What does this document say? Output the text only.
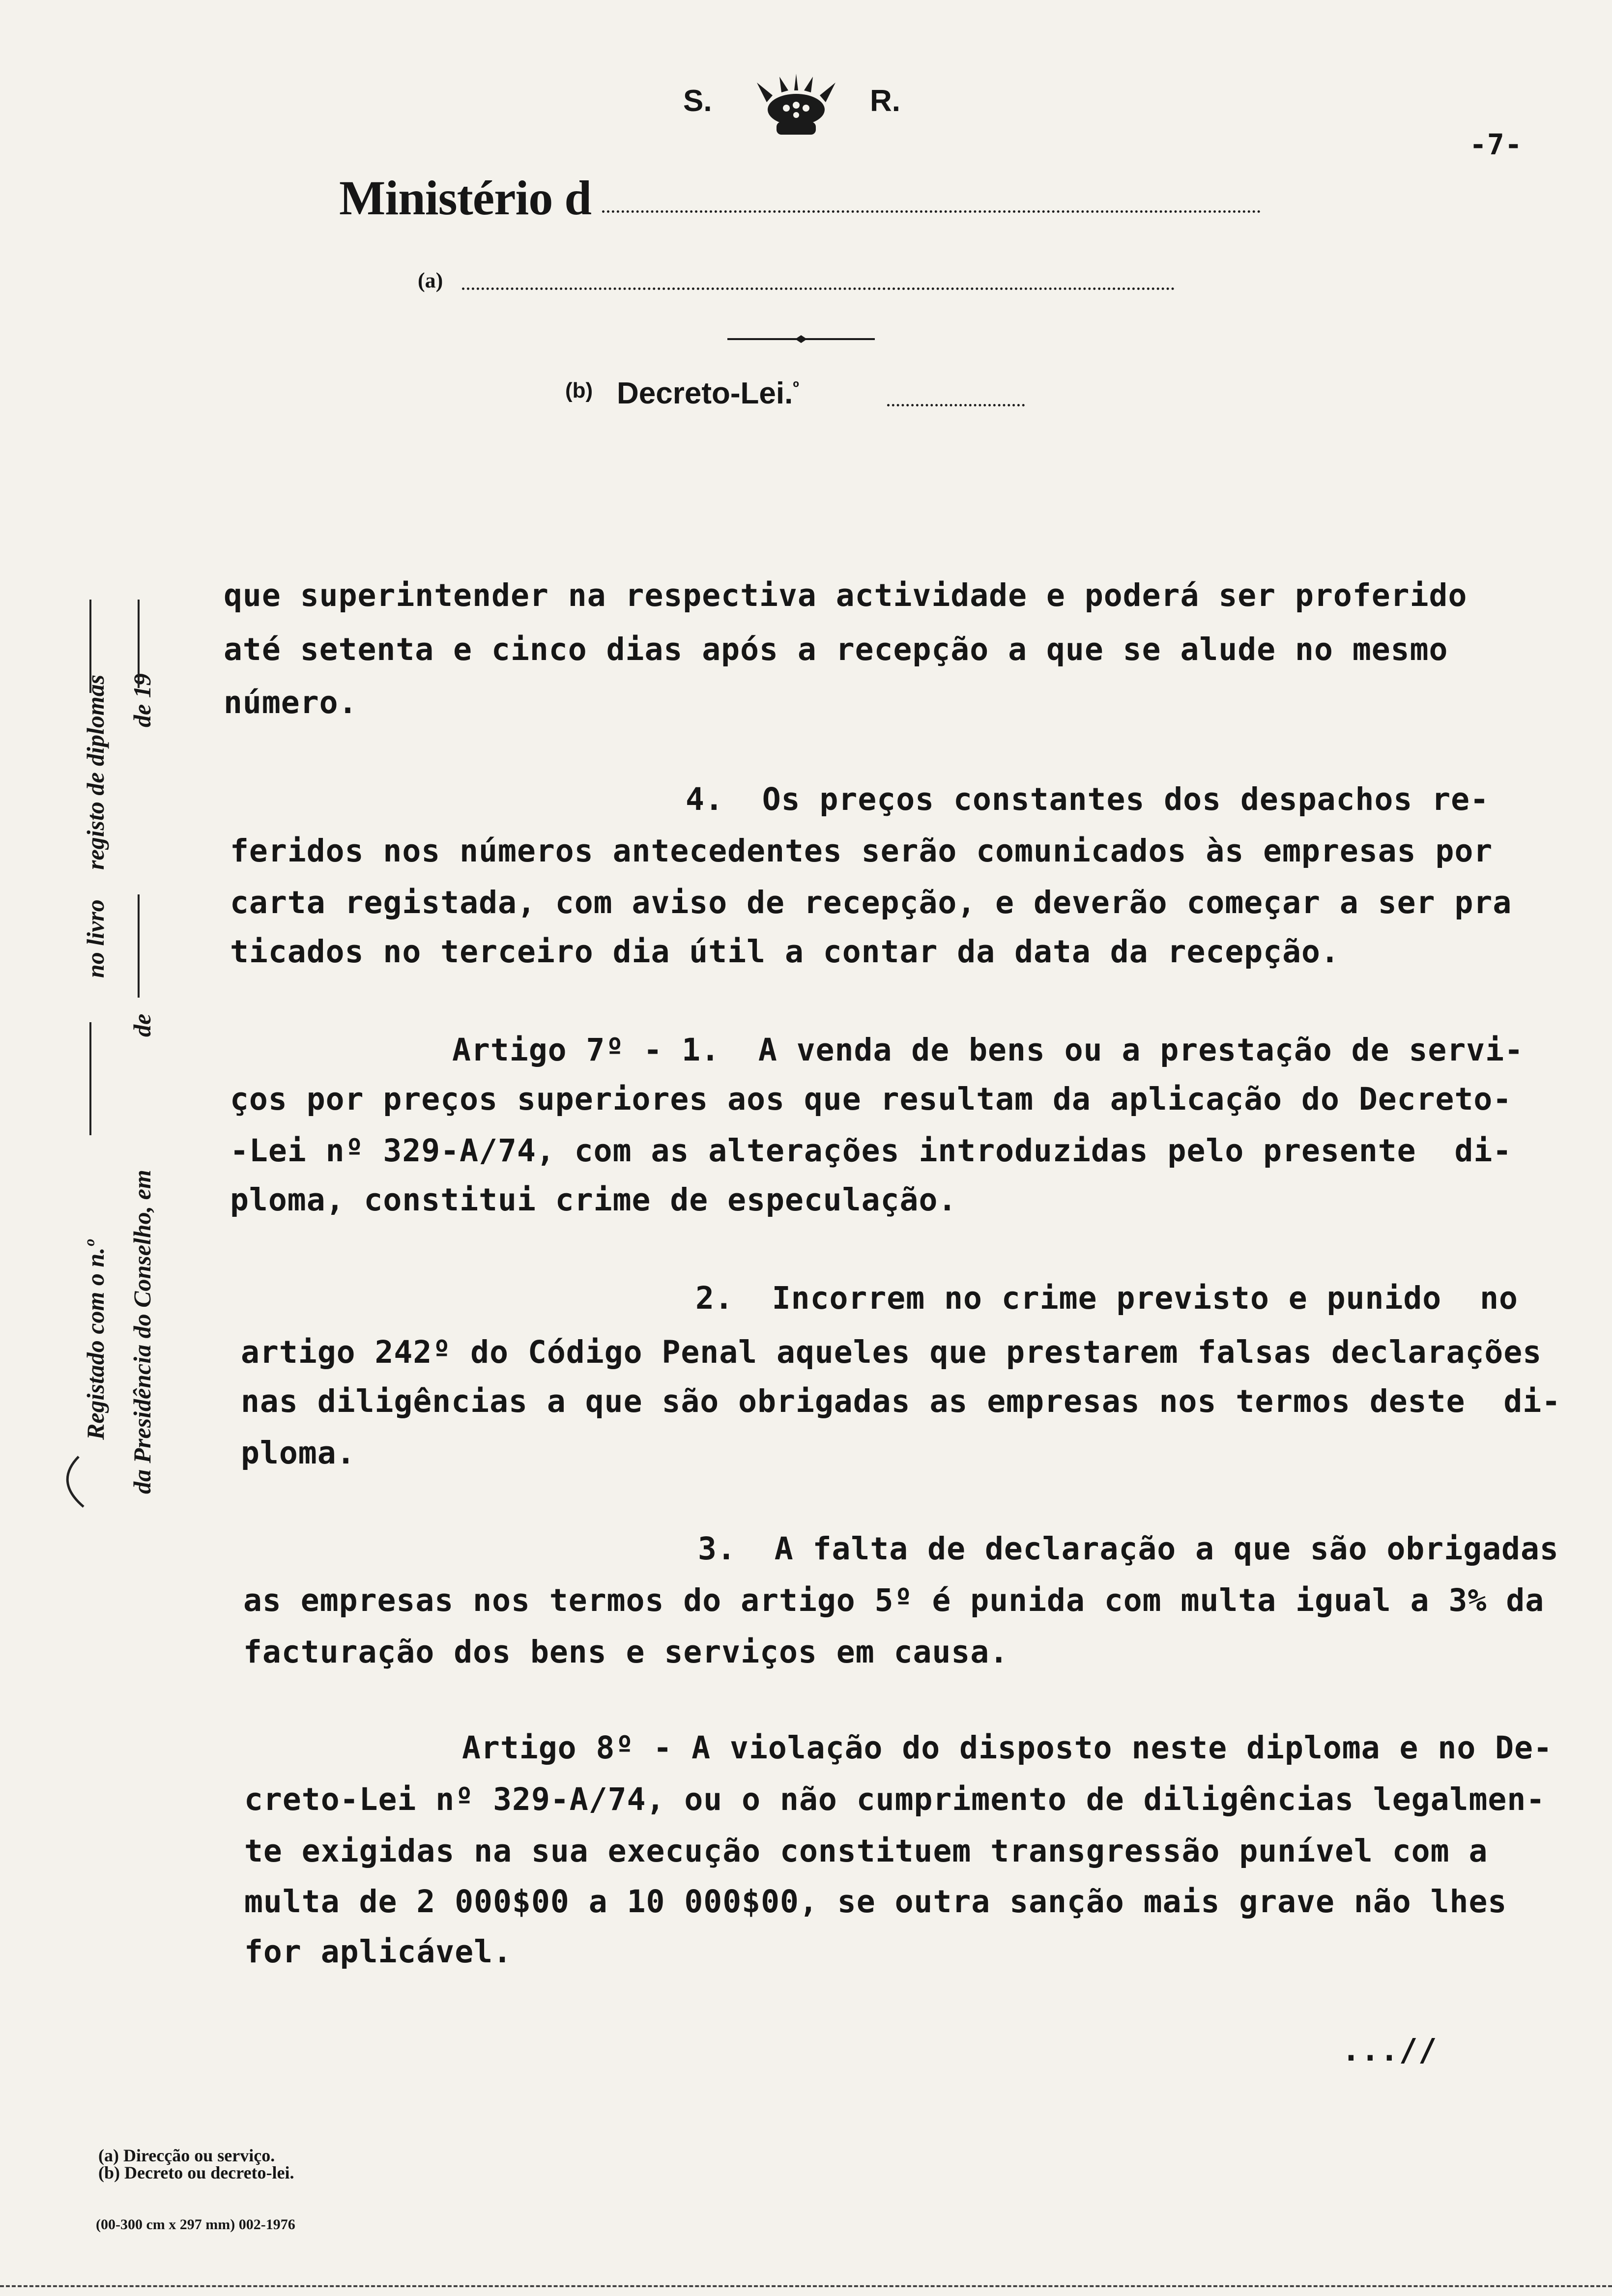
S.	R.
-7-
Ministério d
(a)
(b) Decreto-Lei.$^º$
Registado com o n.º
no livro
registo de diplomas
da Presidência do Conselho, em
de
de 19
que superintender na respectiva actividade e poderá ser proferido
até setenta e cinco dias após a recepção a que se alude no mesmo
número.
4.  Os preços constantes dos despachos re-
feridos nos números antecedentes serão comunicados às empresas por
carta registada, com aviso de recepção, e deverão começar a ser pra
ticados no terceiro dia útil a contar da data da recepção.
Artigo 7º - 1.  A venda de bens ou a prestação de servi-
ços por preços superiores aos que resultam da aplicação do Decreto-
-Lei nº 329-A/74, com as alterações introduzidas pelo presente  di-
ploma, constitui crime de especulação.
2.  Incorrem no crime previsto e punido  no
artigo 242º do Código Penal aqueles que prestarem falsas declarações
nas diligências a que são obrigadas as empresas nos termos deste  di-
ploma.
3.  A falta de declaração a que são obrigadas
as empresas nos termos do artigo 5º é punida com multa igual a 3% da
facturação dos bens e serviços em causa.
Artigo 8º - A violação do disposto neste diploma e no De-
creto-Lei nº 329-A/74, ou o não cumprimento de diligências legalmen-
te exigidas na sua execução constituem transgressão punível com a
multa de 2 000$00 a 10 000$00, se outra sanção mais grave não lhes
for aplicável.
...//
(a) Direcção ou serviço.
(b) Decreto ou decreto-lei.
(00-300 cm x 297 mm) 002-1976
